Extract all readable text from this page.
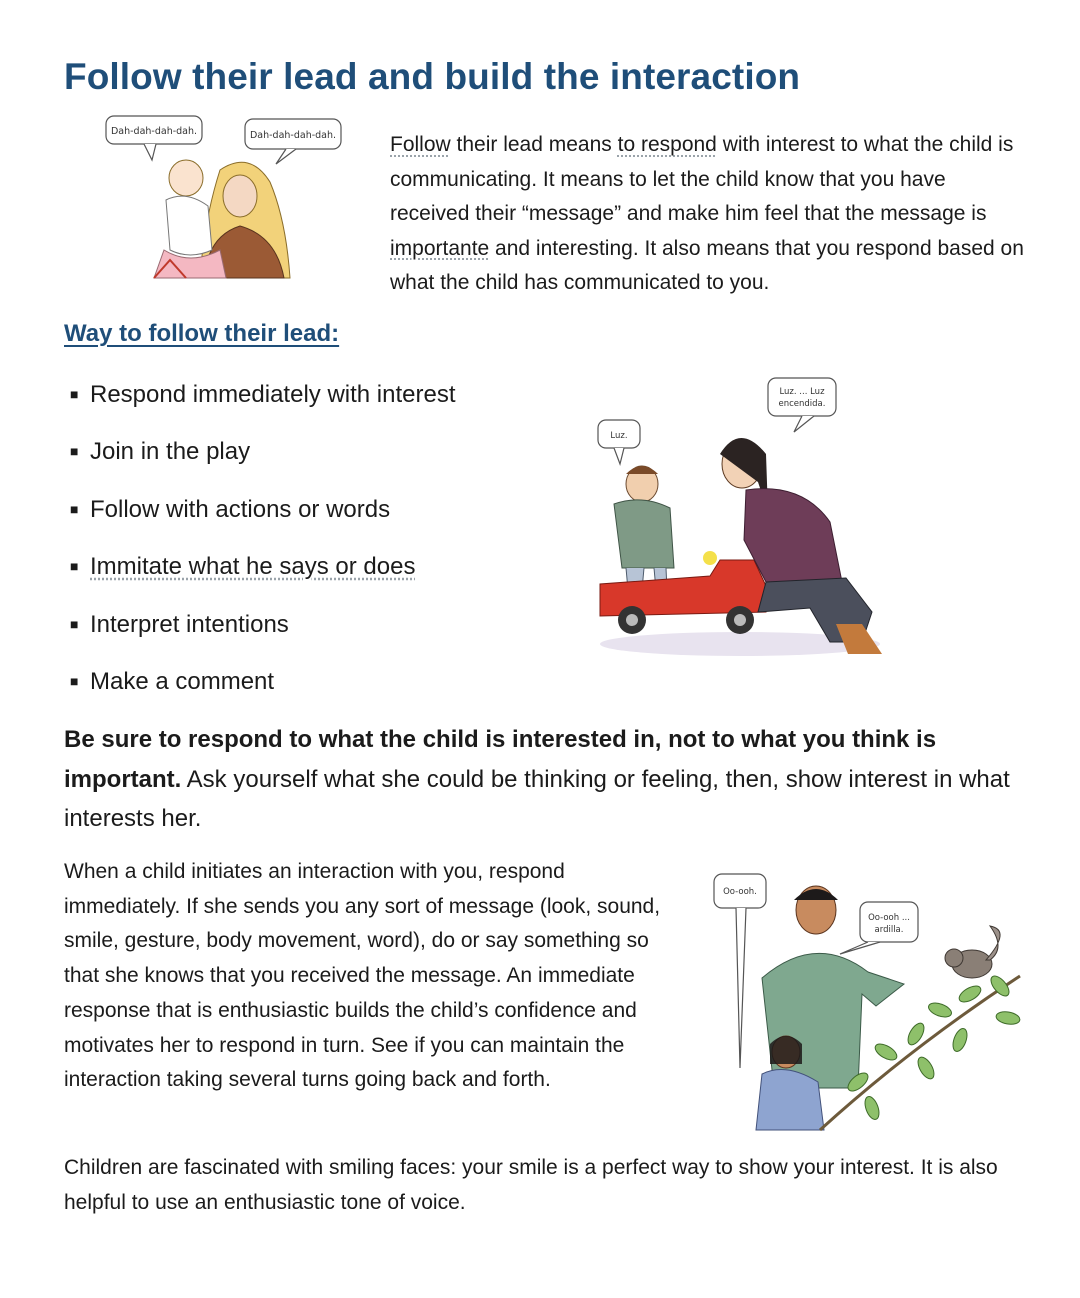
Follow their lead and build the interaction
Dah-dah-dah-dah.	Dah-dah-dah-dah.	Follow their lead means to respond with interest to what the child is communicating. It means to let the child know that you have received their “message” and make him feel that the message is importante and interesting. It also means that you respond based on what the child has communicated to you.

Way to follow their lead:
■ Respond immediately with interest
■ Join in the play
■ Follow with actions or words
■ Immitate what he says or does
■ Interpret intentions
■ Make a comment
Luz.
Luz. ... Luz
encendida.

Be sure to respond to what the child is interested in, not to what you think is important. Ask yourself what she could be thinking or feeling, then, show interest in what interests her.

When a child initiates an interaction with you, respond immediately. If she sends you any sort of message (look, sound, smile, gesture, body movement, word), do or say something so that she knows that you received the message. An immediate response that is enthusiastic builds the child’s confidence and motivates her to respond in turn. See if you can maintain the interaction taking several turns going back and forth.

Oo-ooh.
Oo-ooh ...
ardilla.

Children are fascinated with smiling faces: your smile is a perfect way to show your interest. It is also helpful to use an enthusiastic tone of voice.
